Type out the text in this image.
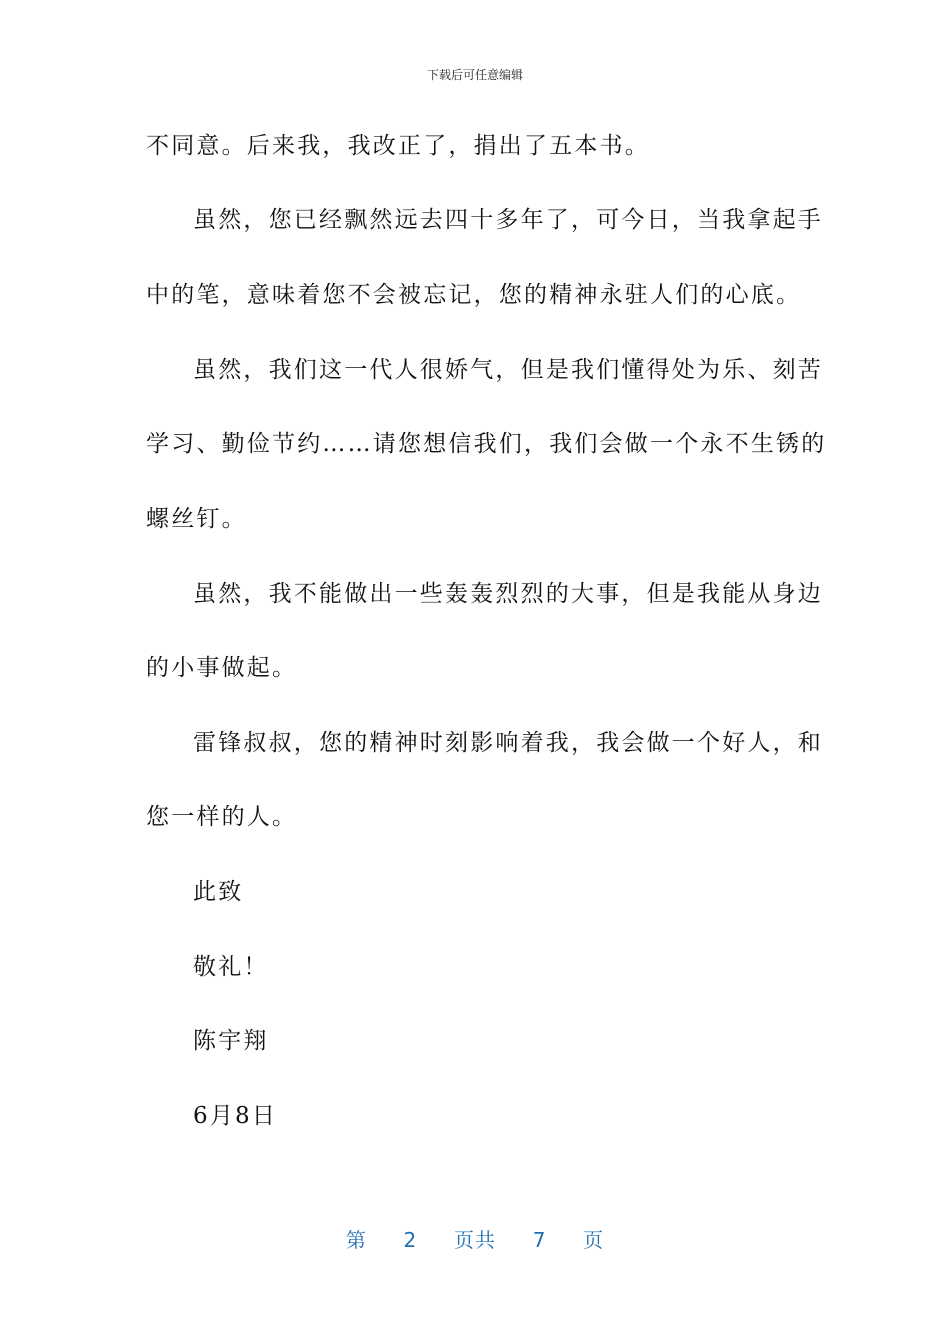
下载后可任意编辑
不同意。后来我，我改正了，捐出了五本书。
虽然，您已经飘然远去四十多年了，可今日，当我拿起手
中的笔，意味着您不会被忘记，您的精神永驻人们的心底。
虽然，我们这一代人很娇气，但是我们懂得处为乐、刻苦
学习、勤俭节约……请您想信我们，我们会做一个永不生锈的
螺丝钉。
虽然，我不能做出一些轰轰烈烈的大事，但是我能从身边
的小事做起。
雷锋叔叔，您的精神时刻影响着我，我会做一个好人，和
您一样的人。
此致
敬礼！
陈宇翔
6月8日
第 2 页共 7 页
